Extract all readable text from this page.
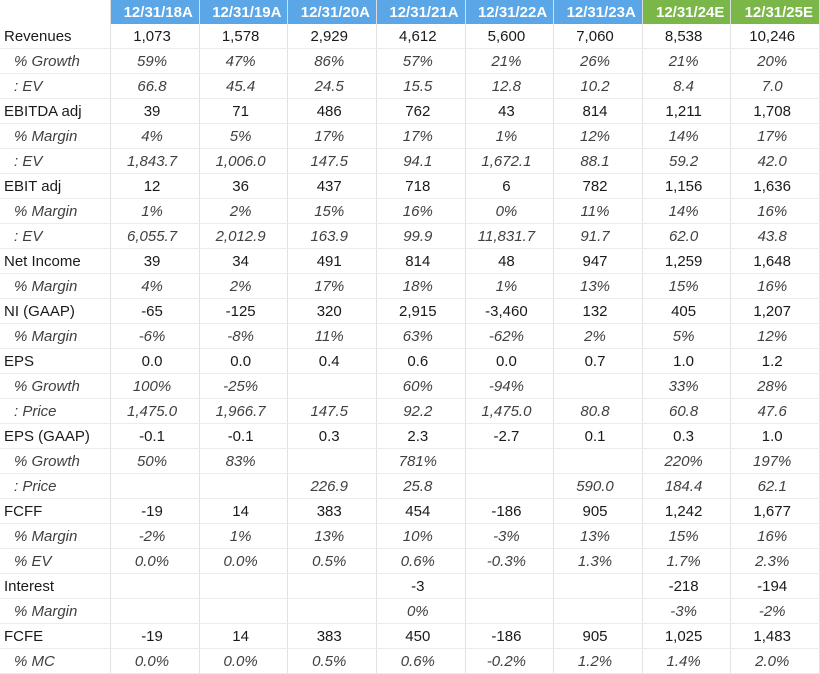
	12/31/18A	12/31/19A	12/31/20A	12/31/21A	12/31/22A	12/31/23A	12/31/24E	12/31/25E
Revenues	1,073	1,578	2,929	4,612	5,600	7,060	8,538	10,246
% Growth	59%	47%	86%	57%	21%	26%	21%	20%
: EV	66.8	45.4	24.5	15.5	12.8	10.2	8.4	7.0
EBITDA adj	39	71	486	762	43	814	1,211	1,708
% Margin	4%	5%	17%	17%	1%	12%	14%	17%
: EV	1,843.7	1,006.0	147.5	94.1	1,672.1	88.1	59.2	42.0
EBIT adj	12	36	437	718	6	782	1,156	1,636
% Margin	1%	2%	15%	16%	0%	11%	14%	16%
: EV	6,055.7	2,012.9	163.9	99.9	11,831.7	91.7	62.0	43.8
Net Income	39	34	491	814	48	947	1,259	1,648
% Margin	4%	2%	17%	18%	1%	13%	15%	16%
NI (GAAP)	-65	-125	320	2,915	-3,460	132	405	1,207
% Margin	-6%	-8%	11%	63%	-62%	2%	5%	12%
EPS	0.0	0.0	0.4	0.6	0.0	0.7	1.0	1.2
% Growth	100%	-25%		60%	-94%		33%	28%
: Price	1,475.0	1,966.7	147.5	92.2	1,475.0	80.8	60.8	47.6
EPS (GAAP)	-0.1	-0.1	0.3	2.3	-2.7	0.1	0.3	1.0
% Growth	50%	83%		781%			220%	197%
: Price			226.9	25.8		590.0	184.4	62.1
FCFF	-19	14	383	454	-186	905	1,242	1,677
% Margin	-2%	1%	13%	10%	-3%	13%	15%	16%
% EV	0.0%	0.0%	0.5%	0.6%	-0.3%	1.3%	1.7%	2.3%
Interest				-3			-218	-194
% Margin				0%			-3%	-2%
FCFE	-19	14	383	450	-186	905	1,025	1,483
% MC	0.0%	0.0%	0.5%	0.6%	-0.2%	1.2%	1.4%	2.0%
